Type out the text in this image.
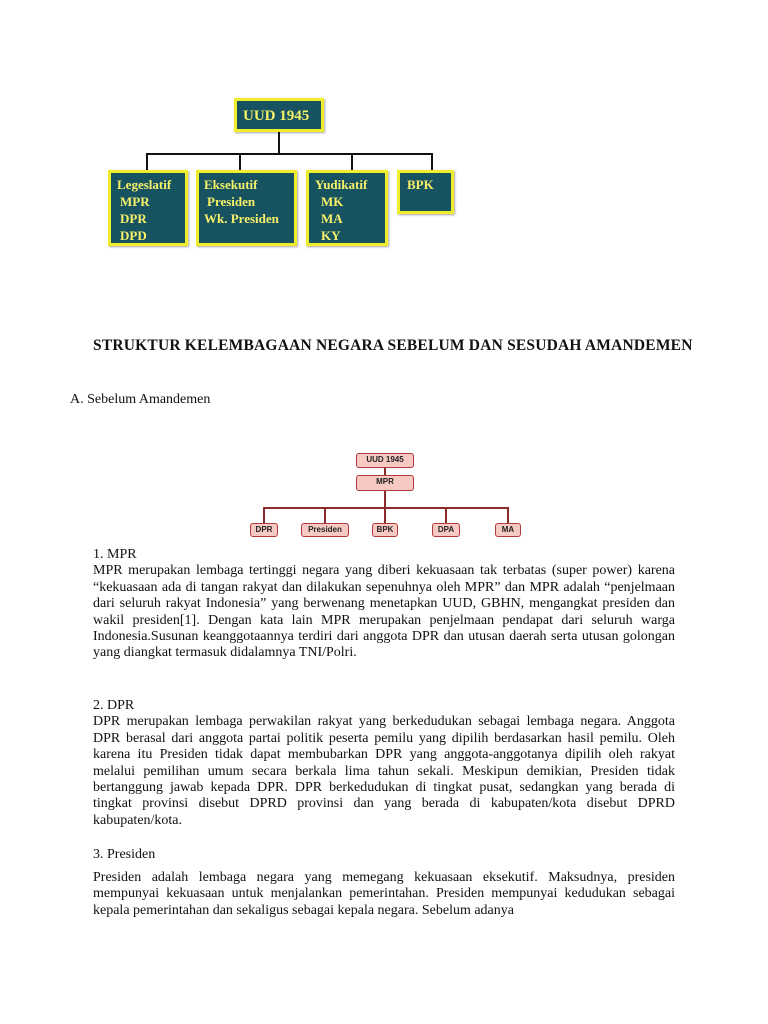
UUD 1945
Legeslatif
MPR
DPR
DPD
Eksekutif
Presiden
Wk. Presiden
Yudikatif
MK
MA
KY
BPK
STRUKTUR KELEMBAGAAN NEGARA SEBELUM DAN SESUDAH AMANDEMEN
A. Sebelum Amandemen
UUD 1945
MPR
DPR	Presiden	BPK	DPA	MA
1. MPR
MPR merupakan lembaga tertinggi negara yang diberi kekuasaan tak terbatas (super power) karena “kekuasaan ada di tangan rakyat dan dilakukan sepenuhnya oleh MPR” dan MPR adalah “penjelmaan dari seluruh rakyat Indonesia” yang berwenang menetapkan UUD, GBHN, mengangkat presiden dan wakil presiden[1]. Dengan kata lain MPR merupakan penjelmaan pendapat dari seluruh warga Indonesia.Susunan keanggotaannya terdiri dari anggota DPR dan utusan daerah serta utusan golongan yang diangkat termasuk didalamnya TNI/Polri.
2. DPR
DPR merupakan lembaga perwakilan rakyat yang berkedudukan sebagai lembaga negara. Anggota DPR berasal dari anggota partai politik peserta pemilu yang dipilih berdasarkan hasil pemilu. Oleh karena itu Presiden tidak dapat membubarkan DPR yang anggota-anggotanya dipilih oleh rakyat melalui pemilihan umum secara berkala lima tahun sekali. Meskipun demikian, Presiden tidak bertanggung jawab kepada DPR. DPR berkedudukan di tingkat pusat, sedangkan yang berada di tingkat provinsi disebut DPRD provinsi dan yang berada di kabupaten/kota disebut DPRD kabupaten/kota.
3. Presiden
Presiden adalah lembaga negara yang memegang kekuasaan eksekutif. Maksudnya, presiden mempunyai kekuasaan untuk menjalankan pemerintahan. Presiden mempunyai kedudukan sebagai kepala pemerintahan dan sekaligus sebagai kepala negara. Sebelum adanya
